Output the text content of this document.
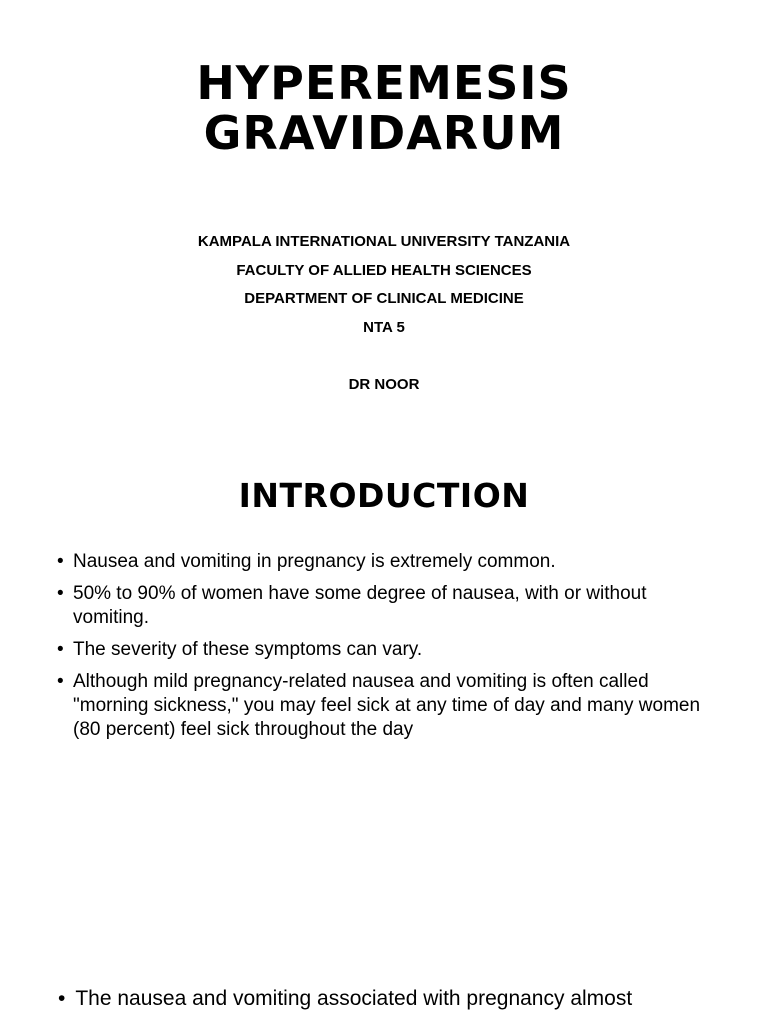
HYPEREMESIS
GRAVIDARUM
KAMPALA INTERNATIONAL UNIVERSITY TANZANIA
FACULTY OF ALLIED HEALTH SCIENCES
DEPARTMENT OF CLINICAL MEDICINE
NTA 5
DR NOOR
INTRODUCTION
• Nausea and vomiting in pregnancy is extremely common.
• 50% to 90% of women have some degree of nausea, with or without vomiting.
• The severity of these symptoms can vary.
• Although mild pregnancy-related nausea and vomiting is often called "morning sickness," you may feel sick at any time of day and many women (80 percent) feel sick throughout the day
• The nausea and vomiting associated with pregnancy almost
